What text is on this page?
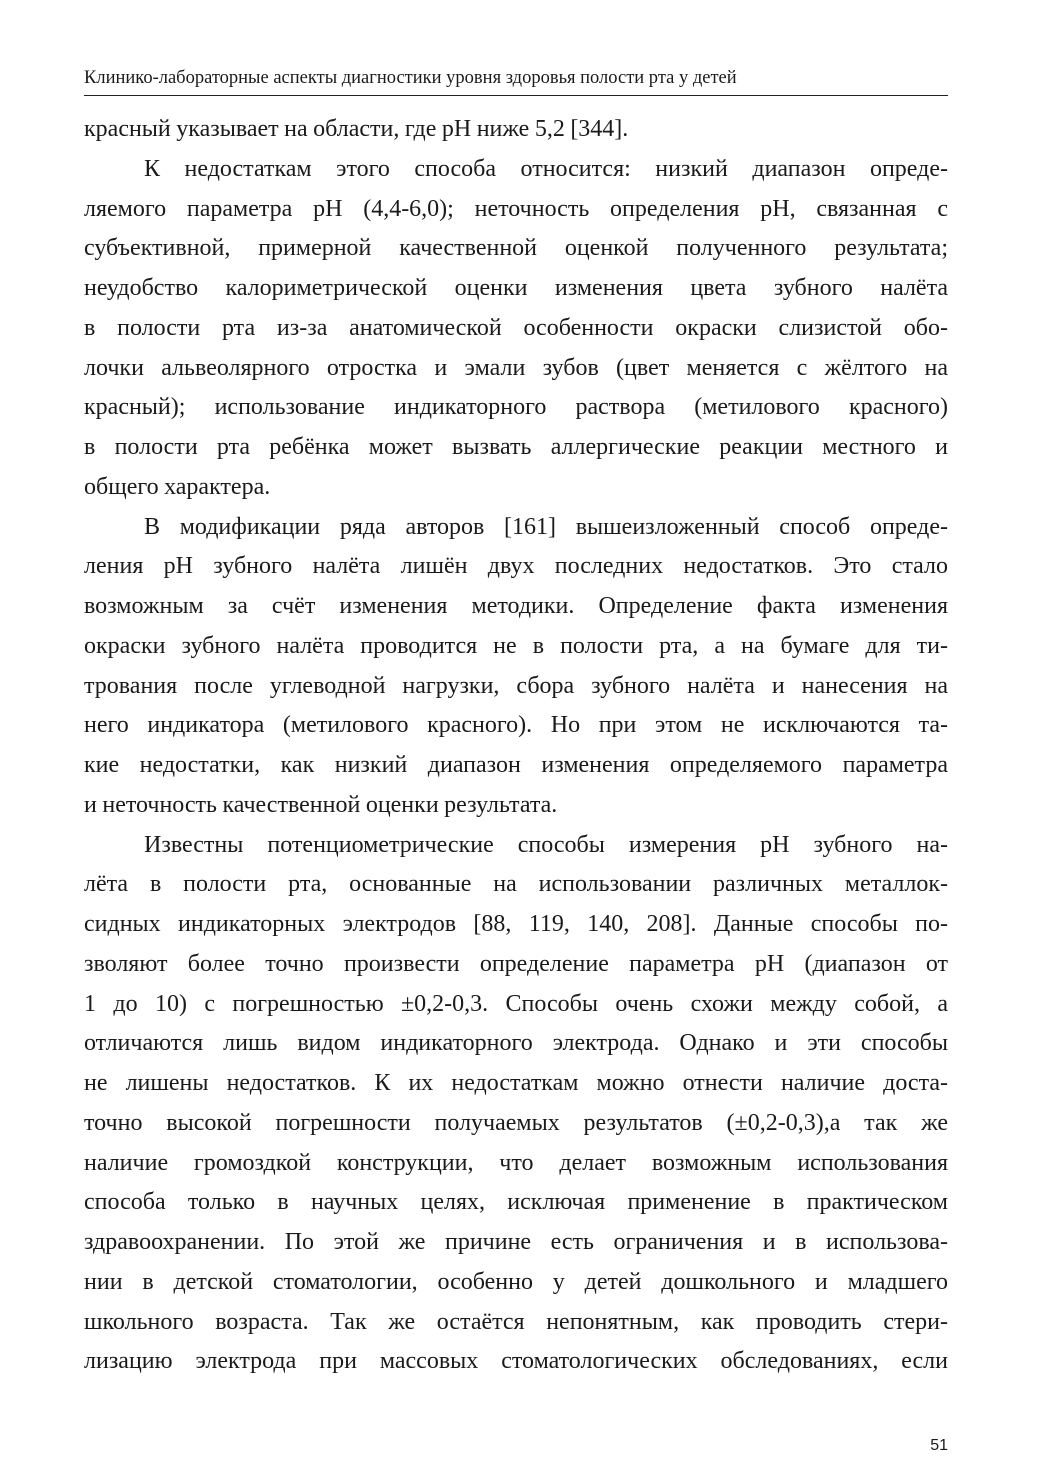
Клинико-лабораторные аспекты диагностики уровня здоровья полости рта у детей
красный указывает на области, где рН ниже 5,2 [344].
К недостаткам этого способа относится: низкий диапазон опреде-
ляемого параметра рН (4,4-6,0); неточность определения рН, связанная с
субъективной, примерной качественной оценкой полученного результата;
неудобство калориметрической оценки изменения цвета зубного налёта
в полости рта из-за анатомической особенности окраски слизистой обо-
лочки альвеолярного отростка и эмали зубов (цвет меняется с жёлтого на
красный); использование индикаторного раствора (метилового красного)
в полости рта ребёнка может вызвать аллергические реакции местного и
общего характера.
В модификации ряда авторов [161] вышеизложенный способ опреде-
ления рН зубного налёта лишён двух последних недостатков. Это стало
возможным за счёт изменения методики. Определение факта изменения
окраски зубного налёта проводится не в полости рта, а на бумаге для ти-
трования после углеводной нагрузки, сбора зубного налёта и нанесения на
него индикатора (метилового красного). Но при этом не исключаются та-
кие недостатки, как низкий диапазон изменения определяемого параметра
и неточность качественной оценки результата.
Известны потенциометрические способы измерения рН зубного на-
лёта в полости рта, основанные на использовании различных металлок-
сидных индикаторных электродов [88, 119, 140, 208]. Данные способы по-
зволяют более точно произвести определение параметра рН (диапазон от
1 до 10) с погрешностью ±0,2-0,3. Способы очень схожи между собой, а
отличаются лишь видом индикаторного электрода. Однако и эти способы
не лишены недостатков. К их недостаткам можно отнести наличие доста-
точно высокой погрешности получаемых результатов (±0,2-0,3),а так же
наличие громоздкой конструкции, что делает возможным использования
способа только в научных целях, исключая применение в практическом
здравоохранении. По этой же причине есть ограничения и в использова-
нии в детской стоматологии, особенно у детей дошкольного и младшего
школьного возраста. Так же остаётся непонятным, как проводить стери-
лизацию электрода при массовых стоматологических обследованиях, если
51
